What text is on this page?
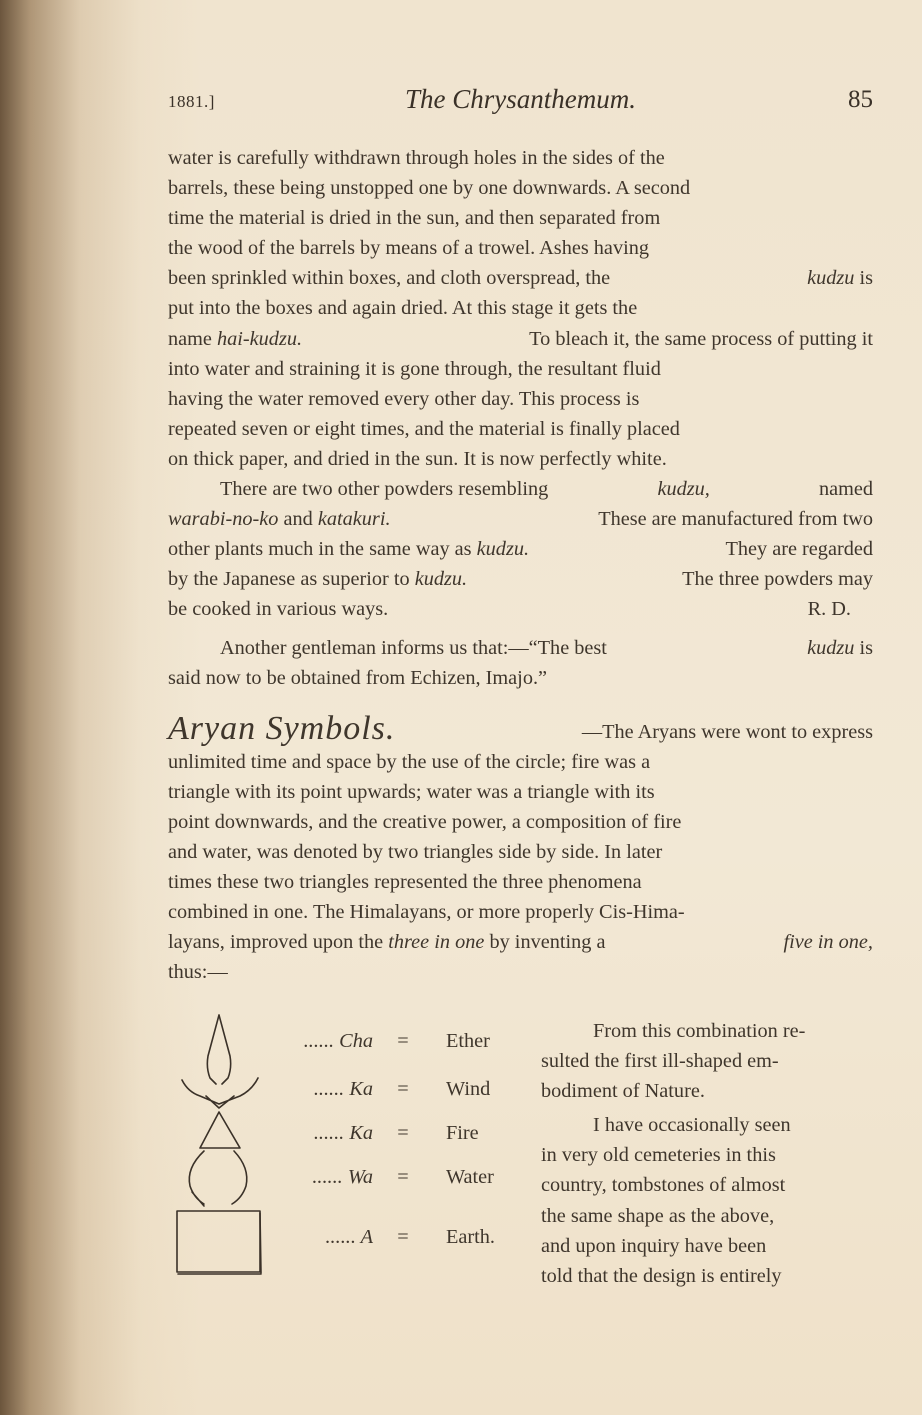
1881.]	The Chrysanthemum.	85
water is carefully withdrawn through holes in the sides of the
barrels, these being unstopped one by one downwards. A second
time the material is dried in the sun, and then separated from
the wood of the barrels by means of a trowel. Ashes having
been sprinkled within boxes, and cloth overspread, the	kudzu is
put into the boxes and again dried. At this stage it gets the
name hai-kudzu.	To bleach it, the same process of putting it
into water and straining it is gone through, the resultant fluid
having the water removed every other day. This process is
repeated seven or eight times, and the material is finally placed
on thick paper, and dried in the sun. It is now perfectly white.
There are two other powders resembling	kudzu,	named
warabi-no-ko and katakuri.	These are manufactured from two
other plants much in the same way as kudzu.	They are regarded
by the Japanese as superior to kudzu.	The three powders may
be cooked in various ways.	R. D.
Another gentleman informs us that:—“The best	kudzu is
said now to be obtained from Echizen, Imajo.”
Aryan Symbols.	—The Aryans were wont to express
unlimited time and space by the use of the circle; fire was a
triangle with its point upwards; water was a triangle with its
point downwards, and the creative power, a composition of fire
and water, was denoted by two triangles side by side. In later
times these two triangles represented the three phenomena
combined in one. The Himalayans, or more properly Cis-Hima-
layans, improved upon the three in one by inventing a	five in one,
thus:—
...... Cha = Ether
...... Ka = Wind
...... Ka = Fire
...... Wa = Water
...... A = Earth.
From this combination re-
sulted the first ill-shaped em-
bodiment of Nature.
I have occasionally seen
in very old cemeteries in this
country, tombstones of almost
the same shape as the above,
and upon inquiry have been
told that the design is entirely
